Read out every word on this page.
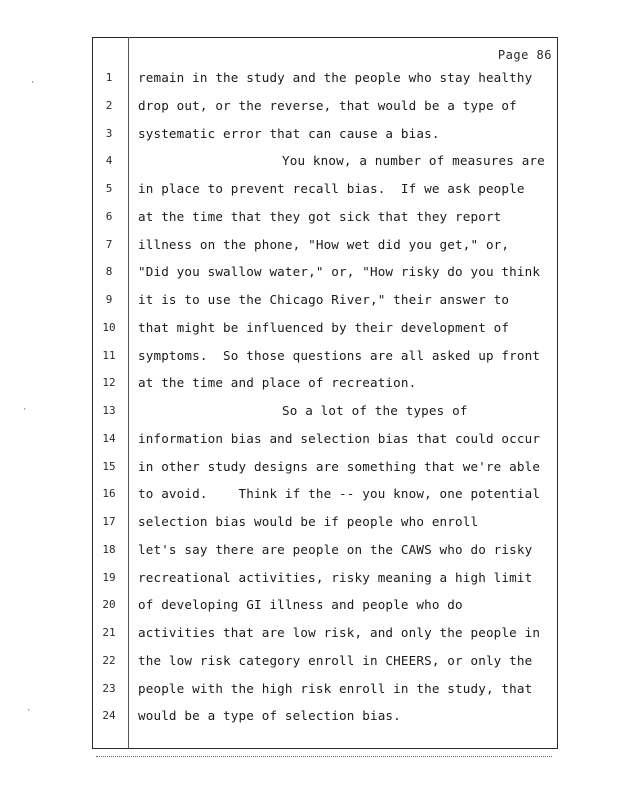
Page 86
1	remain in the study and the people who stay healthy
2	drop out, or the reverse, that would be a type of
3	systematic error that can cause a bias.
4	You know, a number of measures are
5	in place to prevent recall bias.  If we ask people
6	at the time that they got sick that they report
7	illness on the phone, "How wet did you get," or,
8	"Did you swallow water," or, "How risky do you think
9	it is to use the Chicago River," their answer to
10	that might be influenced by their development of
11	symptoms.  So those questions are all asked up front
12	at the time and place of recreation.
13	So a lot of the types of
14	information bias and selection bias that could occur
15	in other study designs are something that we're able
16	to avoid.    Think if the -- you know, one potential
17	selection bias would be if people who enroll
18	let's say there are people on the CAWS who do risky
19	recreational activities, risky meaning a high limit
20	of developing GI illness and people who do
21	activities that are low risk, and only the people in
22	the low risk category enroll in CHEERS, or only the
23	people with the high risk enroll in the study, that
24	would be a type of selection bias.
·
·
·
